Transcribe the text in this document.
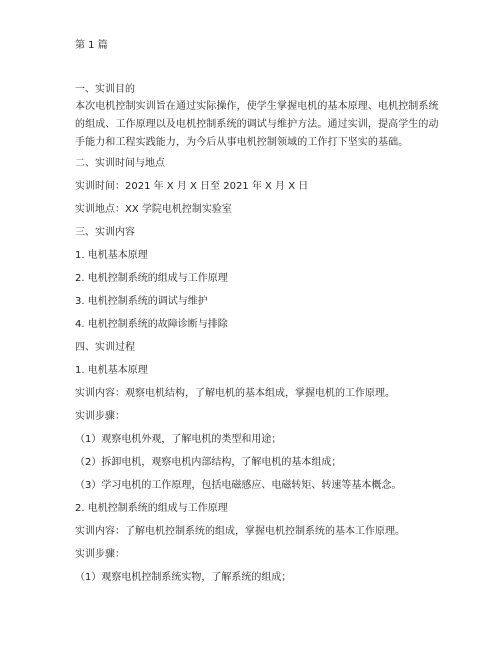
第 1 篇
一、实训目的
本次电机控制实训旨在通过实际操作，使学生掌握电机的基本原理、电机控制系统
的组成、工作原理以及电机控制系统的调试与维护方法。通过实训，提高学生的动
手能力和工程实践能力，为今后从事电机控制领域的工作打下坚实的基础。
二、实训时间与地点
实训时间：2021 年 X 月 X 日至 2021 年 X 月 X 日
实训地点：XX 学院电机控制实验室
三、实训内容
1. 电机基本原理
2. 电机控制系统的组成与工作原理
3. 电机控制系统的调试与维护
4. 电机控制系统的故障诊断与排除
四、实训过程
1. 电机基本原理
实训内容：观察电机结构，了解电机的基本组成，掌握电机的工作原理。
实训步骤：
（1）观察电机外观，了解电机的类型和用途；
（2）拆卸电机，观察电机内部结构，了解电机的基本组成；
（3）学习电机的工作原理，包括电磁感应、电磁转矩、转速等基本概念。
2. 电机控制系统的组成与工作原理
实训内容：了解电机控制系统的组成，掌握电机控制系统的基本工作原理。
实训步骤：
（1）观察电机控制系统实物，了解系统的组成；
